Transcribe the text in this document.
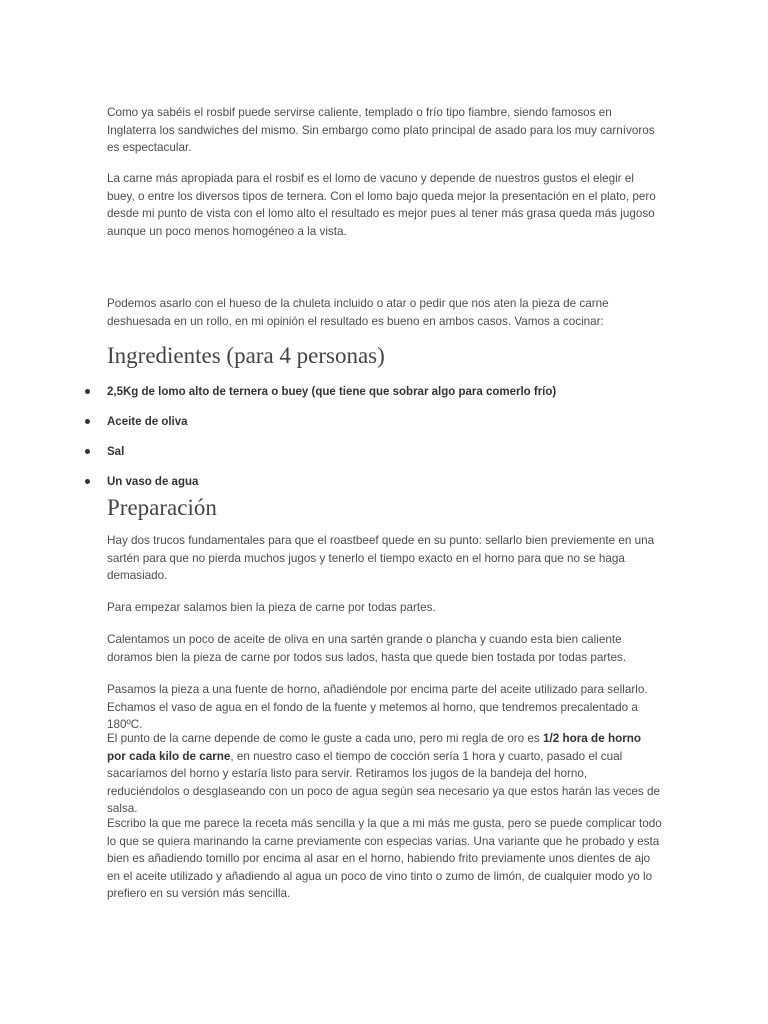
Como ya sabéis el rosbif puede servirse caliente, templado o frío tipo fiambre, siendo famosos en Inglaterra los sandwiches del mismo. Sin embargo como plato principal de asado para los muy carnívoros es espectacular.

La carne más apropiada para el rosbif es el lomo de vacuno y depende de nuestros gustos el elegir el buey, o entre los diversos tipos de ternera. Con el lomo bajo queda mejor la presentación en el plato, pero desde mi punto de vista con el lomo alto el resultado es mejor pues al tener más grasa queda más jugoso aunque un poco menos homogéneo a la vista.

Podemos asarlo con el hueso de la chuleta incluido o atar o pedir que nos aten la pieza de carne deshuesada en un rollo, en mi opinión el resultado es bueno en ambos casos. Vamos a cocinar:

Ingredientes (para 4 personas)
2,5Kg de lomo alto de ternera o buey (que tiene que sobrar algo para comerlo frío)
Aceite de oliva
Sal
Un vaso de agua
Preparación

Hay dos trucos fundamentales para que el roastbeef quede en su punto: sellarlo bien previemente en una sartén para que no pierda muchos jugos y tenerlo el tiempo exacto en el horno para que no se haga demasiado.

Para empezar salamos bien la pieza de carne por todas partes.

Calentamos un poco de aceite de oliva en una sartén grande o plancha y cuando esta bien caliente doramos bien la pieza de carne por todos sus lados, hasta que quede bien tostada por todas partes.

Pasamos la pieza a una fuente de horno, añadiéndole por encima parte del aceite utilizado para sellarlo. Echamos el vaso de agua en el fondo de la fuente y metemos al horno, que tendremos precalentado a 180ºC.

El punto de la carne depende de como le guste a cada uno, pero mi regla de oro es 1/2 hora de horno por cada kilo de carne, en nuestro caso el tiempo de cocción sería 1 hora y cuarto, pasado el cual sacaríamos del horno y estaría listo para servir. Retiramos los jugos de la bandeja del horno, reduciéndolos o desglaseando con un poco de agua según sea necesario ya que estos harán las veces de salsa.

Escribo la que me parece la receta más sencilla y la que a mi más me gusta, pero se puede complicar todo lo que se quiera marinando la carne previamente con especias varias. Una variante que he probado y esta bien es añadiendo tomillo por encima al asar en el horno, habiendo frito previamente unos dientes de ajo en el aceite utilizado y añadiendo al agua un poco de vino tinto o zumo de limón, de cualquier modo yo lo prefiero en su versión más sencilla.
